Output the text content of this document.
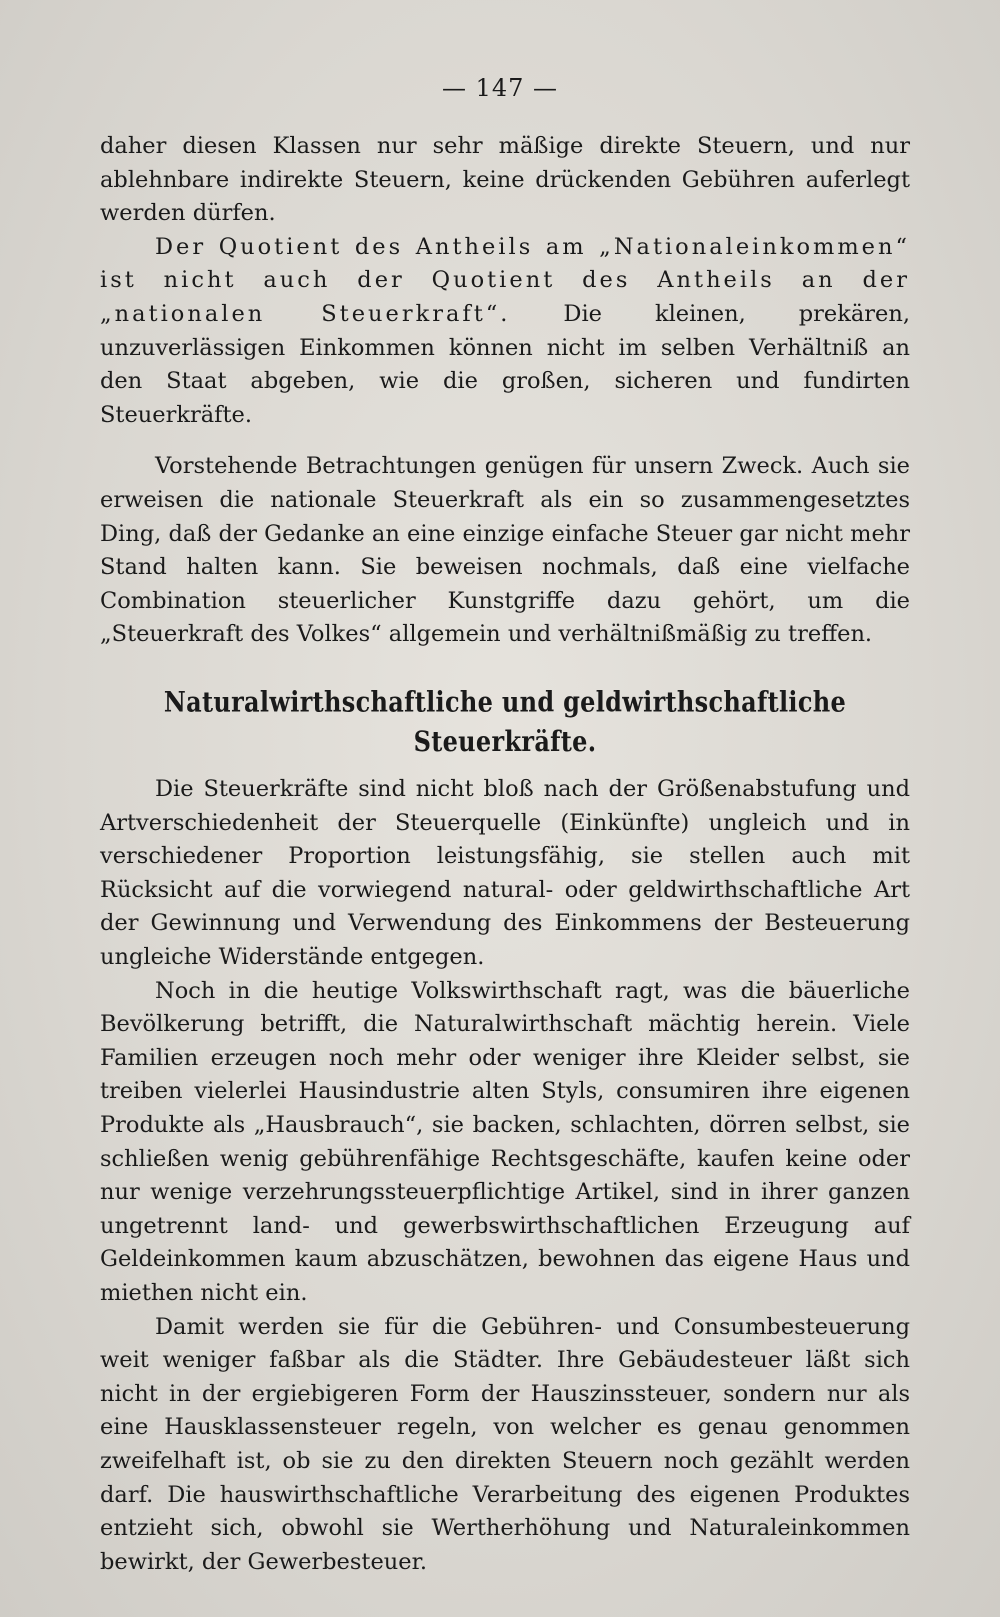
— 147 —

daher diesen Klassen nur sehr mäßige direkte Steuern, und nur ablehnbare indirekte Steuern, keine drückenden Gebühren auferlegt werden dürfen.

Der Quotient des Antheils am „Nationaleinkommen“ ist nicht auch der Quotient des Antheils an der „nationalen Steuerkraft“. Die kleinen, prekären, unzuverlässigen Einkommen können nicht im selben Verhältniß an den Staat abgeben, wie die großen, sicheren und fundirten Steuerkräfte.

Vorstehende Betrachtungen genügen für unsern Zweck. Auch sie erweisen die nationale Steuerkraft als ein so zusammengesetztes Ding, daß der Gedanke an eine einzige einfache Steuer gar nicht mehr Stand halten kann. Sie beweisen nochmals, daß eine vielfache Combination steuerlicher Kunstgriffe dazu gehört, um die „Steuerkraft des Volkes“ allgemein und verhältnißmäßig zu treffen.

Naturalwirthschaftliche und geldwirthschaftliche Steuerkräfte.

Die Steuerkräfte sind nicht bloß nach der Größenabstufung und Artverschiedenheit der Steuerquelle (Einkünfte) ungleich und in verschiedener Proportion leistungsfähig, sie stellen auch mit Rücksicht auf die vorwiegend natural- oder geldwirthschaftliche Art der Gewinnung und Verwendung des Einkommens der Besteuerung ungleiche Widerstände entgegen.

Noch in die heutige Volkswirthschaft ragt, was die bäuerliche Bevölkerung betrifft, die Naturalwirthschaft mächtig herein. Viele Familien erzeugen noch mehr oder weniger ihre Kleider selbst, sie treiben vielerlei Hausindustrie alten Styls, consumiren ihre eigenen Produkte als „Hausbrauch“, sie backen, schlachten, dörren selbst, sie schließen wenig gebührenfähige Rechtsgeschäfte, kaufen keine oder nur wenige verzehrungssteuerpflichtige Artikel, sind in ihrer ganzen ungetrennt land- und gewerbswirthschaftlichen Erzeugung auf Geldeinkommen kaum abzuschätzen, bewohnen das eigene Haus und miethen nicht ein.

Damit werden sie für die Gebühren- und Consumbesteuerung weit weniger faßbar als die Städter. Ihre Gebäudesteuer läßt sich nicht in der ergiebigeren Form der Hauszinssteuer, sondern nur als eine Hausklassensteuer regeln, von welcher es genau genommen zweifelhaft ist, ob sie zu den direkten Steuern noch gezählt werden darf. Die hauswirthschaftliche Verarbeitung des eigenen Produktes entzieht sich, obwohl sie Wertherhöhung und Naturaleinkommen bewirkt, der Gewerbesteuer.
